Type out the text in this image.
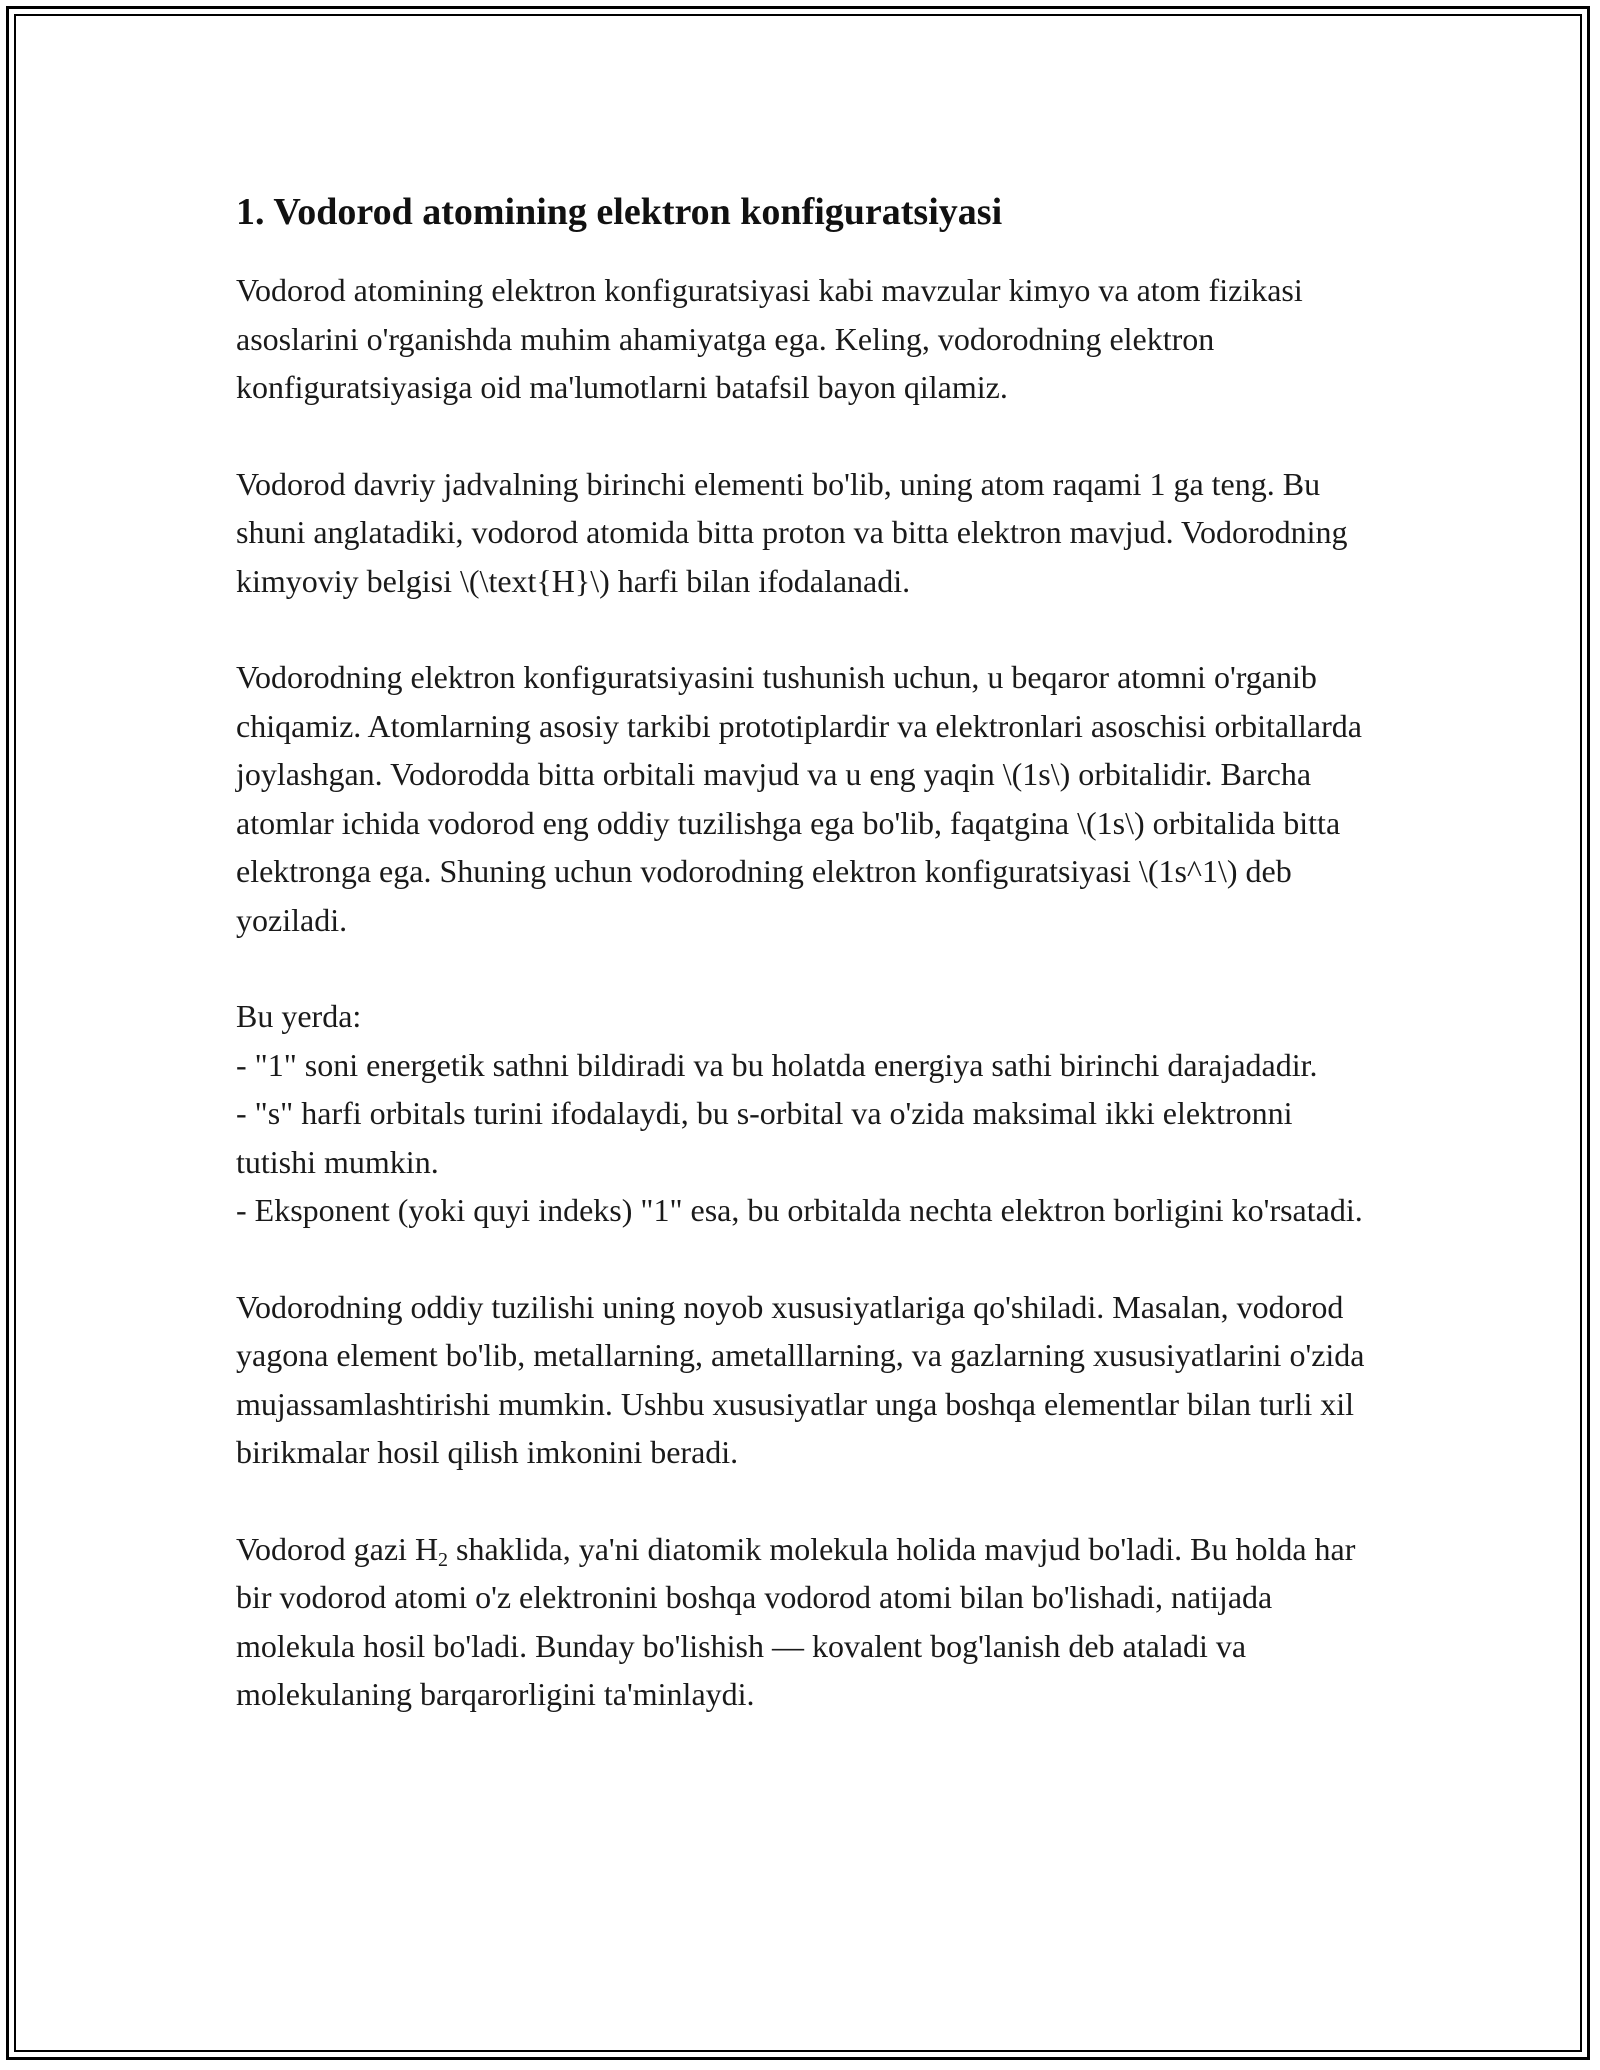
1. Vodorod atomining elektron konfiguratsiyasi

Vodorod atomining elektron konfiguratsiyasi kabi mavzular kimyo va atom fizikasi asoslarini o'rganishda muhim ahamiyatga ega. Keling, vodorodning elektron konfiguratsiyasiga oid ma'lumotlarni batafsil bayon qilamiz.

Vodorod davriy jadvalning birinchi elementi bo'lib, uning atom raqami 1 ga teng. Bu shuni anglatadiki, vodorod atomida bitta proton va bitta elektron mavjud. Vodorodning kimyoviy belgisi \(\text{H}\) harfi bilan ifodalanadi.

Vodorodning elektron konfiguratsiyasini tushunish uchun, u beqaror atomni o'rganib chiqamiz. Atomlarning asosiy tarkibi prototiplardir va elektronlari asoschisi orbitallarda joylashgan. Vodorodda bitta orbitali mavjud va u eng yaqin \(1s\) orbitalidir. Barcha atomlar ichida vodorod eng oddiy tuzilishga ega bo'lib, faqatgina \(1s\) orbitalida bitta elektronga ega. Shuning uchun vodorodning elektron konfiguratsiyasi \(1s^1\) deb yoziladi.

Bu yerda:
- "1" soni energetik sathni bildiradi va bu holatda energiya sathi birinchi darajadadir.
- "s" harfi orbitals turini ifodalaydi, bu s-orbital va o'zida maksimal ikki elektronni tutishi mumkin.
- Eksponent (yoki quyi indeks) "1" esa, bu orbitalda nechta elektron borligini ko'rsatadi.

Vodorodning oddiy tuzilishi uning noyob xususiyatlariga qo'shiladi. Masalan, vodorod yagona element bo'lib, metallarning, ametalllarning, va gazlarning xususiyatlarini o'zida mujassamlashtirishi mumkin. Ushbu xususiyatlar unga boshqa elementlar bilan turli xil birikmalar hosil qilish imkonini beradi.

Vodorod gazi $H_2$ shaklida, ya'ni diatomik molekula holida mavjud bo'ladi. Bu holda har bir vodorod atomi o'z elektronini boshqa vodorod atomi bilan bo'lishadi, natijada molekula hosil bo'ladi. Bunday bo'lishish — kovalent bog'lanish deb ataladi va molekulaning barqarorligini ta'minlaydi.
